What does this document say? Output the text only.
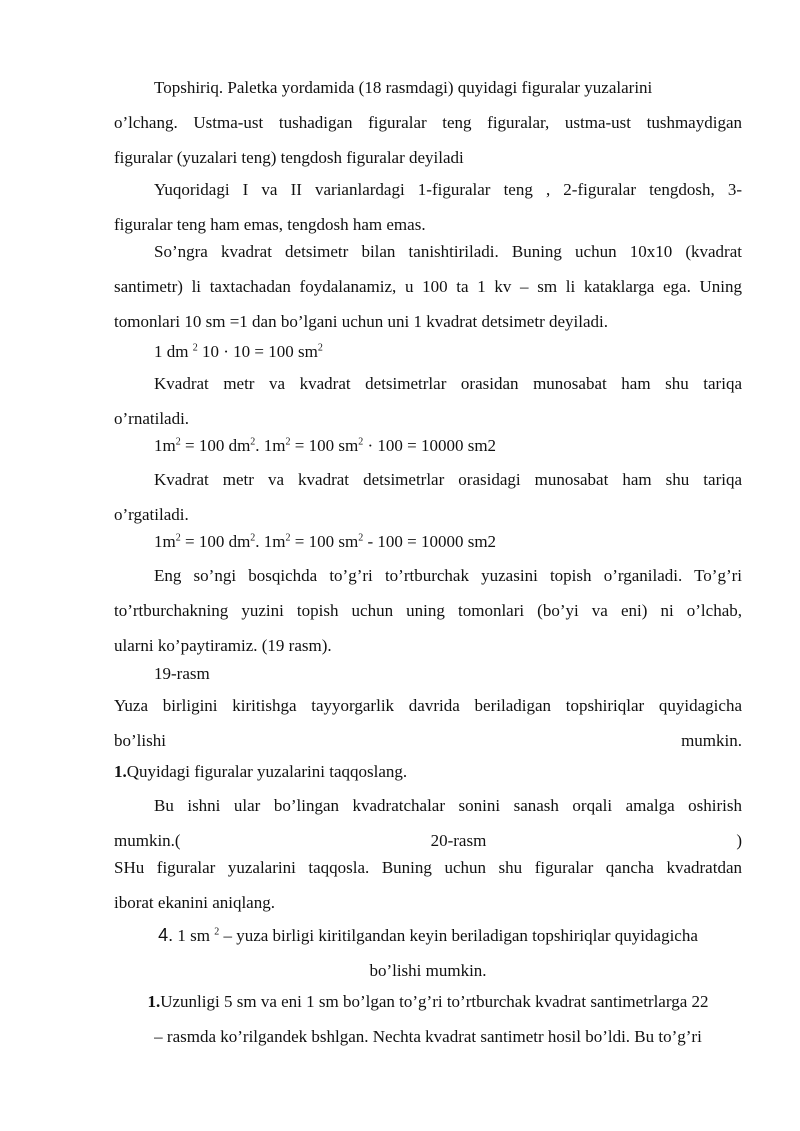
Topshiriq. Paletka yordamida (18 rasmdagi) quyidagi figuralar yuzalarini
o’lchang. Ustma-ust tushadigan figuralar teng figuralar, ustma-ust tushmaydigan
figuralar (yuzalari teng) tengdosh figuralar deyiladi
Yuqoridagi I va II varianlardagi 1-figuralar teng , 2-figuralar tengdosh, 3-
figuralar teng ham emas, tengdosh ham emas.
So’ngra kvadrat detsimetr bilan tanishtiriladi. Buning uchun 10x10 (kvadrat
santimetr) li taxtachadan foydalanamiz, u 100 ta 1 kv – sm li kataklarga ega. Uning
tomonlari 10 sm =1 dan bo’lgani uchun uni 1 kvadrat detsimetr deyiladi.
1 dm $^2$ 10 · 10 = 100 $sm^2$
Kvadrat metr va kvadrat detsimetrlar orasidan munosabat ham shu tariqa
o’rnatiladi.
$1m^2 = 100$ $dm^2$. $1m^2 = 100$ $sm^2 \cdot 100 = 10000$ sm2
Kvadrat metr va kvadrat detsimetrlar orasidagi munosabat ham shu tariqa
o’rgatiladi.
$1m^2 = 100$ $dm^2$. $1m^2 = 100$ $sm^2 - 100 = 10000$ sm2
Eng so’ngi bosqichda to’g’ri to’rtburchak yuzasini topish o’rganiladi. To’g’ri
to’rtburchakning yuzini topish uchun uning tomonlari (bo’yi va eni) ni o’lchab,
ularni ko’paytiramiz. (19 rasm).
19-rasm
Yuza birligini kiritishga tayyorgarlik davrida beriladigan topshiriqlar quyidagicha
bo’lishi	mumkin.
1.Quyidagi figuralar yuzalarini taqqoslang.
Bu ishni ular bo’lingan kvadratchalar sonini sanash orqali amalga oshirish
mumkin.(	20-rasm	)
SHu figuralar yuzalarini taqqosla. Buning uchun shu figuralar qancha kvadratdan
iborat ekanini aniqlang.
4. 1 sm $^2$ – yuza birligi kiritilgandan keyin beriladigan topshiriqlar quyidagicha
bo’lishi mumkin.
1.Uzunligi 5 sm va eni 1 sm bo’lgan to’g’ri to’rtburchak kvadrat santimetrlarga 22
– rasmda ko’rilgandek bshlgan. Nechta kvadrat santimetr hosil bo’ldi. Bu to’g’ri
